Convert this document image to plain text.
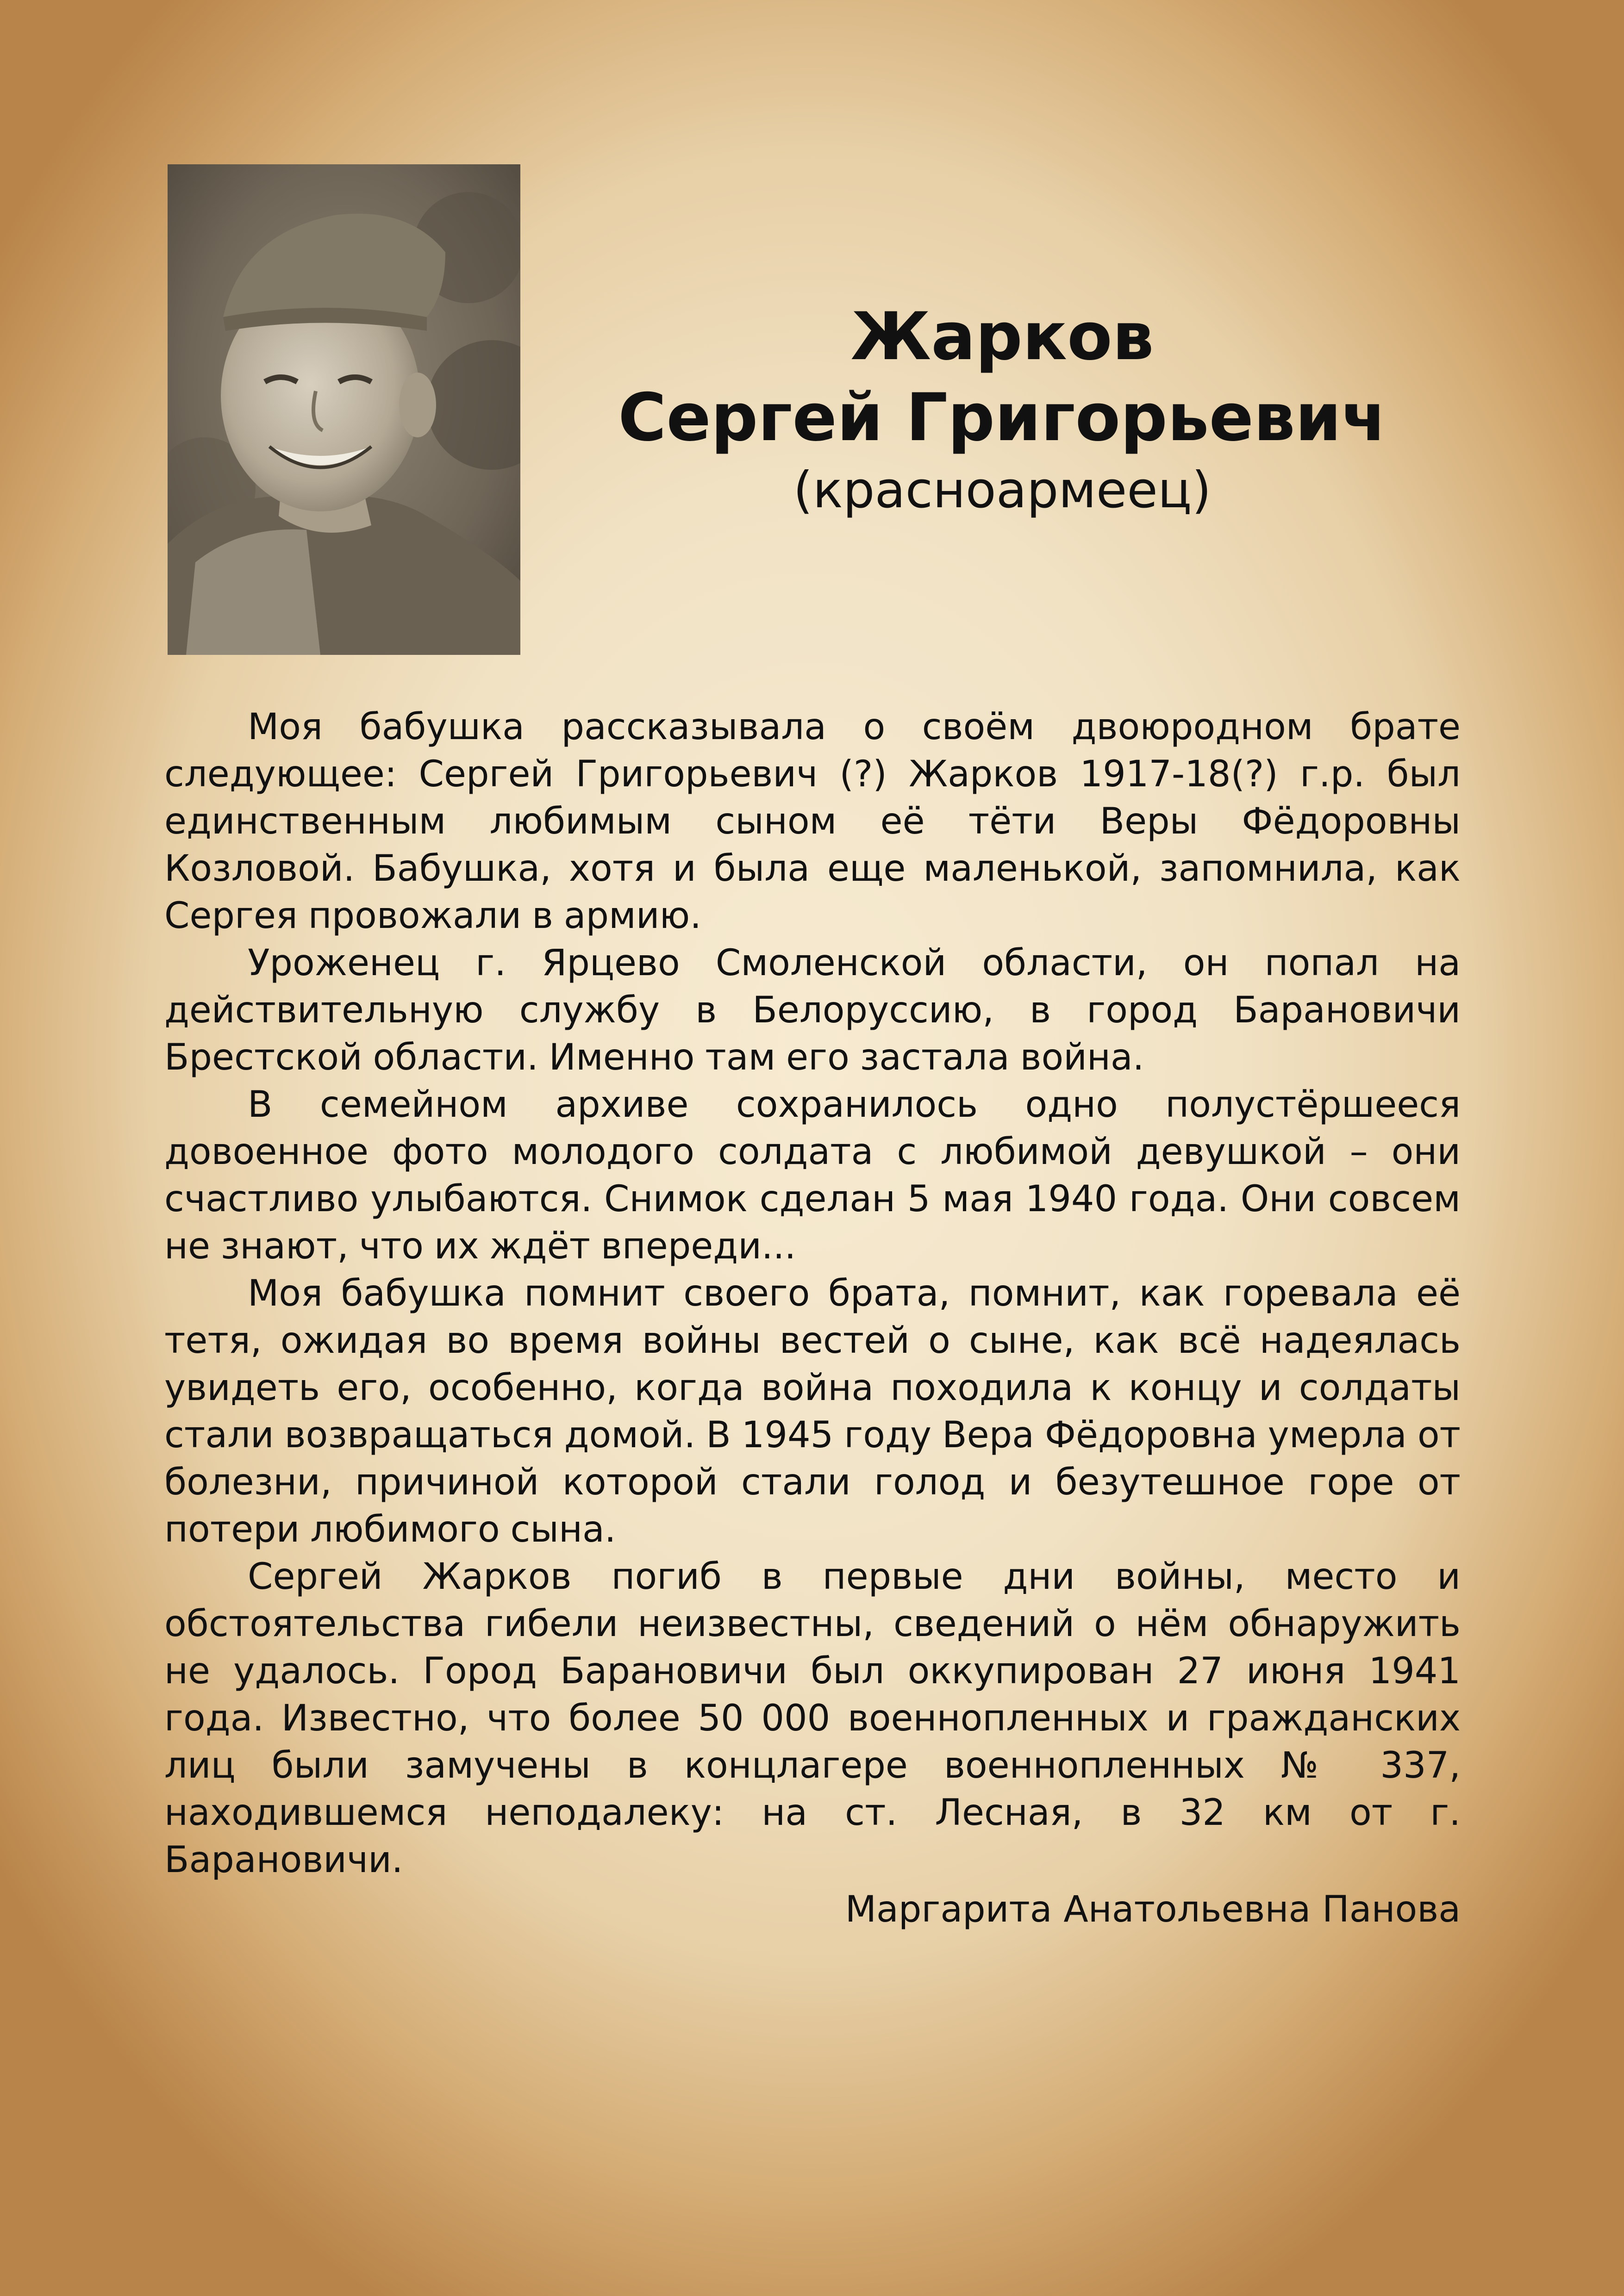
Жарков
Сергей Григорьевич
(красноармеец)

Моя бабушка рассказывала о своём двоюродном брате следующее: Сергей Григорьевич (?) Жарков 1917-18(?) г.р. был единственным любимым сыном её тёти Веры Фёдоровны Козловой. Бабушка, хотя и была еще маленькой, запомнила, как Сергея провожали в армию.

Уроженец г. Ярцево Смоленской области, он попал на действительную службу в Белоруссию, в город Барановичи Брестской области. Именно там его застала война.

В семейном архиве сохранилось одно полустёршееся довоенное фото молодого солдата с любимой девушкой – они счастливо улыбаются. Снимок сделан 5 мая 1940 года. Они совсем не знают, что их ждёт впереди...

Моя бабушка помнит своего брата, помнит, как горевала её тетя, ожидая во время войны вестей о сыне, как всё надеялась увидеть его, особенно, когда война походила к концу и солдаты стали возвращаться домой. В 1945 году Вера Фёдоровна умерла от болезни, причиной которой стали голод и безутешное горе от потери любимого сына.

Сергей Жарков погиб в первые дни войны, место и обстоятельства гибели неизвестны, сведений о нём обнаружить не удалось. Город Барановичи был оккупирован 27 июня 1941 года. Известно, что более 50 000 военнопленных и гражданских лиц были замучены в концлагере военнопленных № 337, находившемся неподалеку: на ст. Лесная, в 32 км от г. Барановичи.

Маргарита Анатольевна Панова
